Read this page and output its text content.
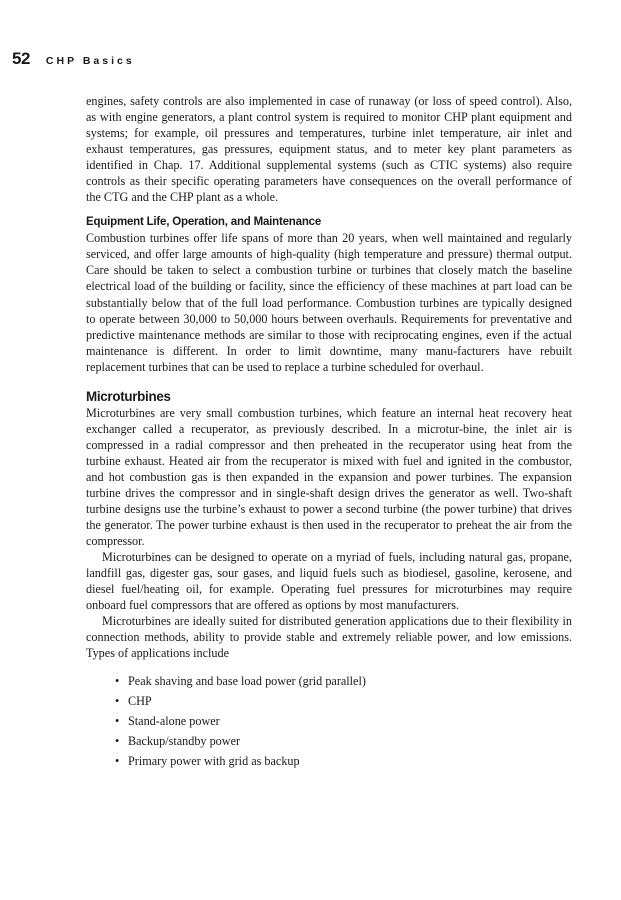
52 CHP Basics

engines, safety controls are also implemented in case of runaway (or loss of speed control). Also, as with engine generators, a plant control system is required to monitor CHP plant equipment and systems; for example, oil pressures and temperatures, turbine inlet temperature, air inlet and exhaust temperatures, gas pressures, equipment status, and to meter key plant parameters as identified in Chap. 17. Additional supplemental systems (such as CTIC systems) also require controls as their specific operating parameters have consequences on the overall performance of the CTG and the CHP plant as a whole.

Equipment Life, Operation, and Maintenance

Combustion turbines offer life spans of more than 20 years, when well maintained and regularly serviced, and offer large amounts of high-quality (high temperature and pressure) thermal output. Care should be taken to select a combustion turbine or turbines that closely match the baseline electrical load of the building or facility, since the efficiency of these machines at part load can be substantially below that of the full load performance. Combustion turbines are typically designed to operate between 30,000 to 50,000 hours between overhauls. Requirements for preventative and predictive maintenance methods are similar to those with reciprocating engines, even if the actual maintenance is different. In order to limit downtime, many manu-facturers have rebuilt replacement turbines that can be used to replace a turbine scheduled for overhaul.

Microturbines

Microturbines are very small combustion turbines, which feature an internal heat recovery heat exchanger called a recuperator, as previously described. In a microtur-bine, the inlet air is compressed in a radial compressor and then preheated in the recuperator using heat from the turbine exhaust. Heated air from the recuperator is mixed with fuel and ignited in the combustor, and hot combustion gas is then expanded in the expansion and power turbines. The expansion turbine drives the compressor and in single-shaft design drives the generator as well. Two-shaft turbine designs use the turbine’s exhaust to power a second turbine (the power turbine) that drives the generator. The power turbine exhaust is then used in the recuperator to preheat the air from the compressor.

Microturbines can be designed to operate on a myriad of fuels, including natural gas, propane, landfill gas, digester gas, sour gases, and liquid fuels such as biodiesel, gasoline, kerosene, and diesel fuel/heating oil, for example. Operating fuel pressures for microturbines may require onboard fuel compressors that are offered as options by most manufacturers.

Microturbines are ideally suited for distributed generation applications due to their flexibility in connection methods, ability to provide stable and extremely reliable power, and low emissions. Types of applications include

• Peak shaving and base load power (grid parallel)
• CHP
• Stand-alone power
• Backup/standby power
• Primary power with grid as backup
